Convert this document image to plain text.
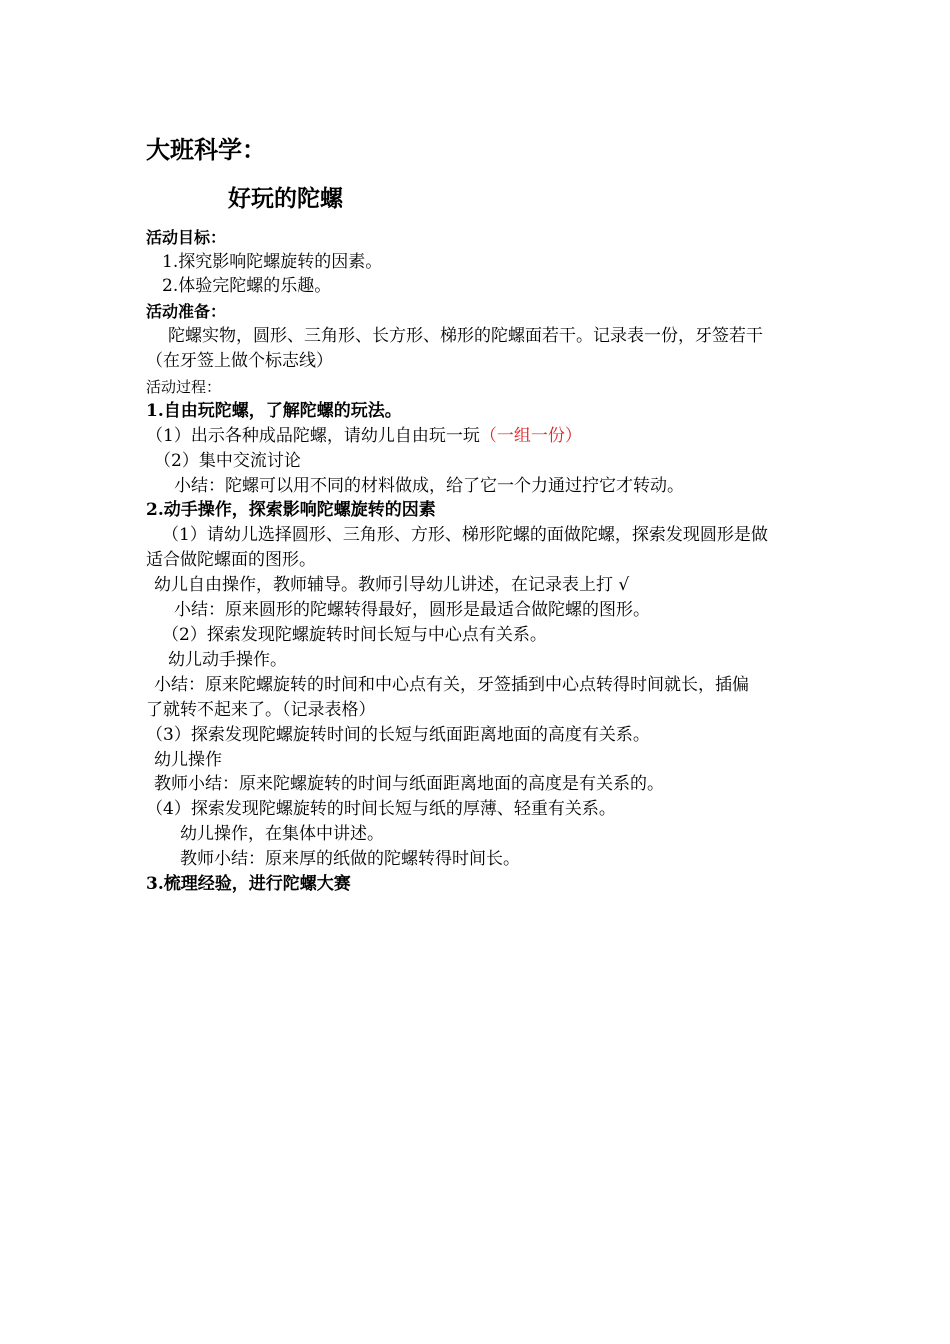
大班科学：
好玩的陀螺
活动目标：
1.探究影响陀螺旋转的因素。
2.体验完陀螺的乐趣。
活动准备：
陀螺实物，圆形、三角形、长方形、梯形的陀螺面若干。记录表一份，牙签若干
（在牙签上做个标志线）
活动过程：
1.自由玩陀螺，了解陀螺的玩法。
（1）出示各种成品陀螺，请幼儿自由玩一玩（一组一份）
（2）集中交流讨论
小结：陀螺可以用不同的材料做成，给了它一个力通过拧它才转动。
2.动手操作，探索影响陀螺旋转的因素
（1）请幼儿选择圆形、三角形、方形、梯形陀螺的面做陀螺，探索发现圆形是做
适合做陀螺面的图形。
幼儿自由操作，教师辅导。教师引导幼儿讲述，在记录表上打 √
小结：原来圆形的陀螺转得最好，圆形是最适合做陀螺的图形。
（2）探索发现陀螺旋转时间长短与中心点有关系。
幼儿动手操作。
小结：原来陀螺旋转的时间和中心点有关，牙签插到中心点转得时间就长，插偏
了就转不起来了。（记录表格）
（3）探索发现陀螺旋转时间的长短与纸面距离地面的高度有关系。
幼儿操作
教师小结：原来陀螺旋转的时间与纸面距离地面的高度是有关系的。
（4）探索发现陀螺旋转的时间长短与纸的厚薄、轻重有关系。
幼儿操作，在集体中讲述。
教师小结：原来厚的纸做的陀螺转得时间长。
3.梳理经验，进行陀螺大赛
